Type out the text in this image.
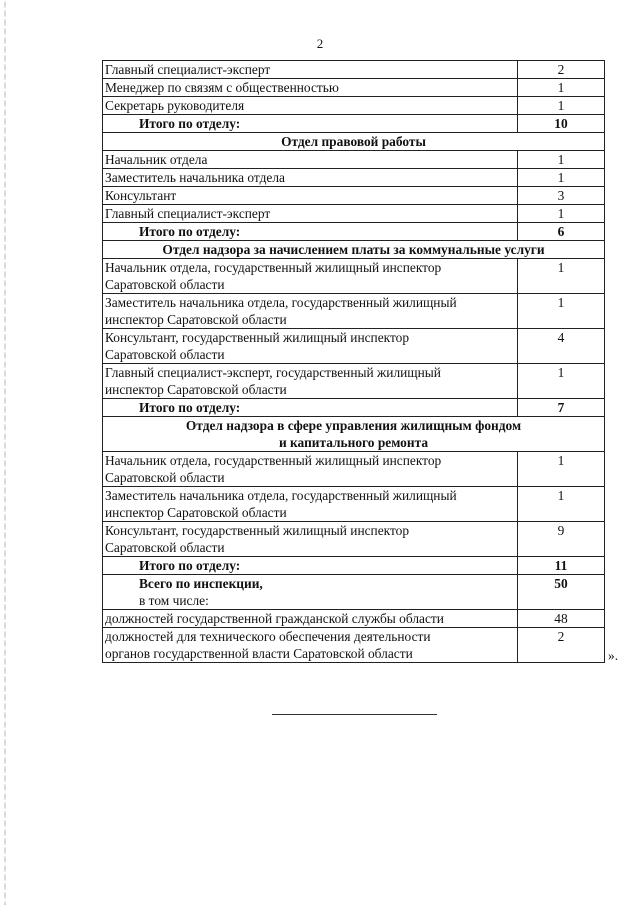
2
Главный специалист-эксперт	2
Менеджер по связям с общественностью	1
Секретарь руководителя	1
Итого по отделу:	10

Отдел правовой работы	

Начальник отдела	1
Заместитель начальника отдела	1
Консультант	3
Главный специалист-эксперт	1
Итого по отделу:	6

Отдел надзора за начислением платы за коммунальные услуги	

Начальник отдела, государственный жилищный инспектор
Саратовской области	1

Заместитель начальника отдела, государственный жилищный
инспектор Саратовской области	1

Консультант, государственный жилищный инспектор
Саратовской области	4

Главный специалист-эксперт, государственный жилищный
инспектор Саратовской области	1
Итого по отделу:	7

Отдел надзора в сфере управления жилищным фондом
и капитального ремонта	

Начальник отдела, государственный жилищный инспектор
Саратовской области	1

Заместитель начальника отдела, государственный жилищный
инспектор Саратовской области	1

Консультант, государственный жилищный инспектор
Саратовской области	9
Итого по отделу:	11

Всего по инспекции,
в том числе:	50
должностей государственной гражданской службы области	48

должностей для технического обеспечения деятельности
органов государственной власти Саратовской области	2
».
